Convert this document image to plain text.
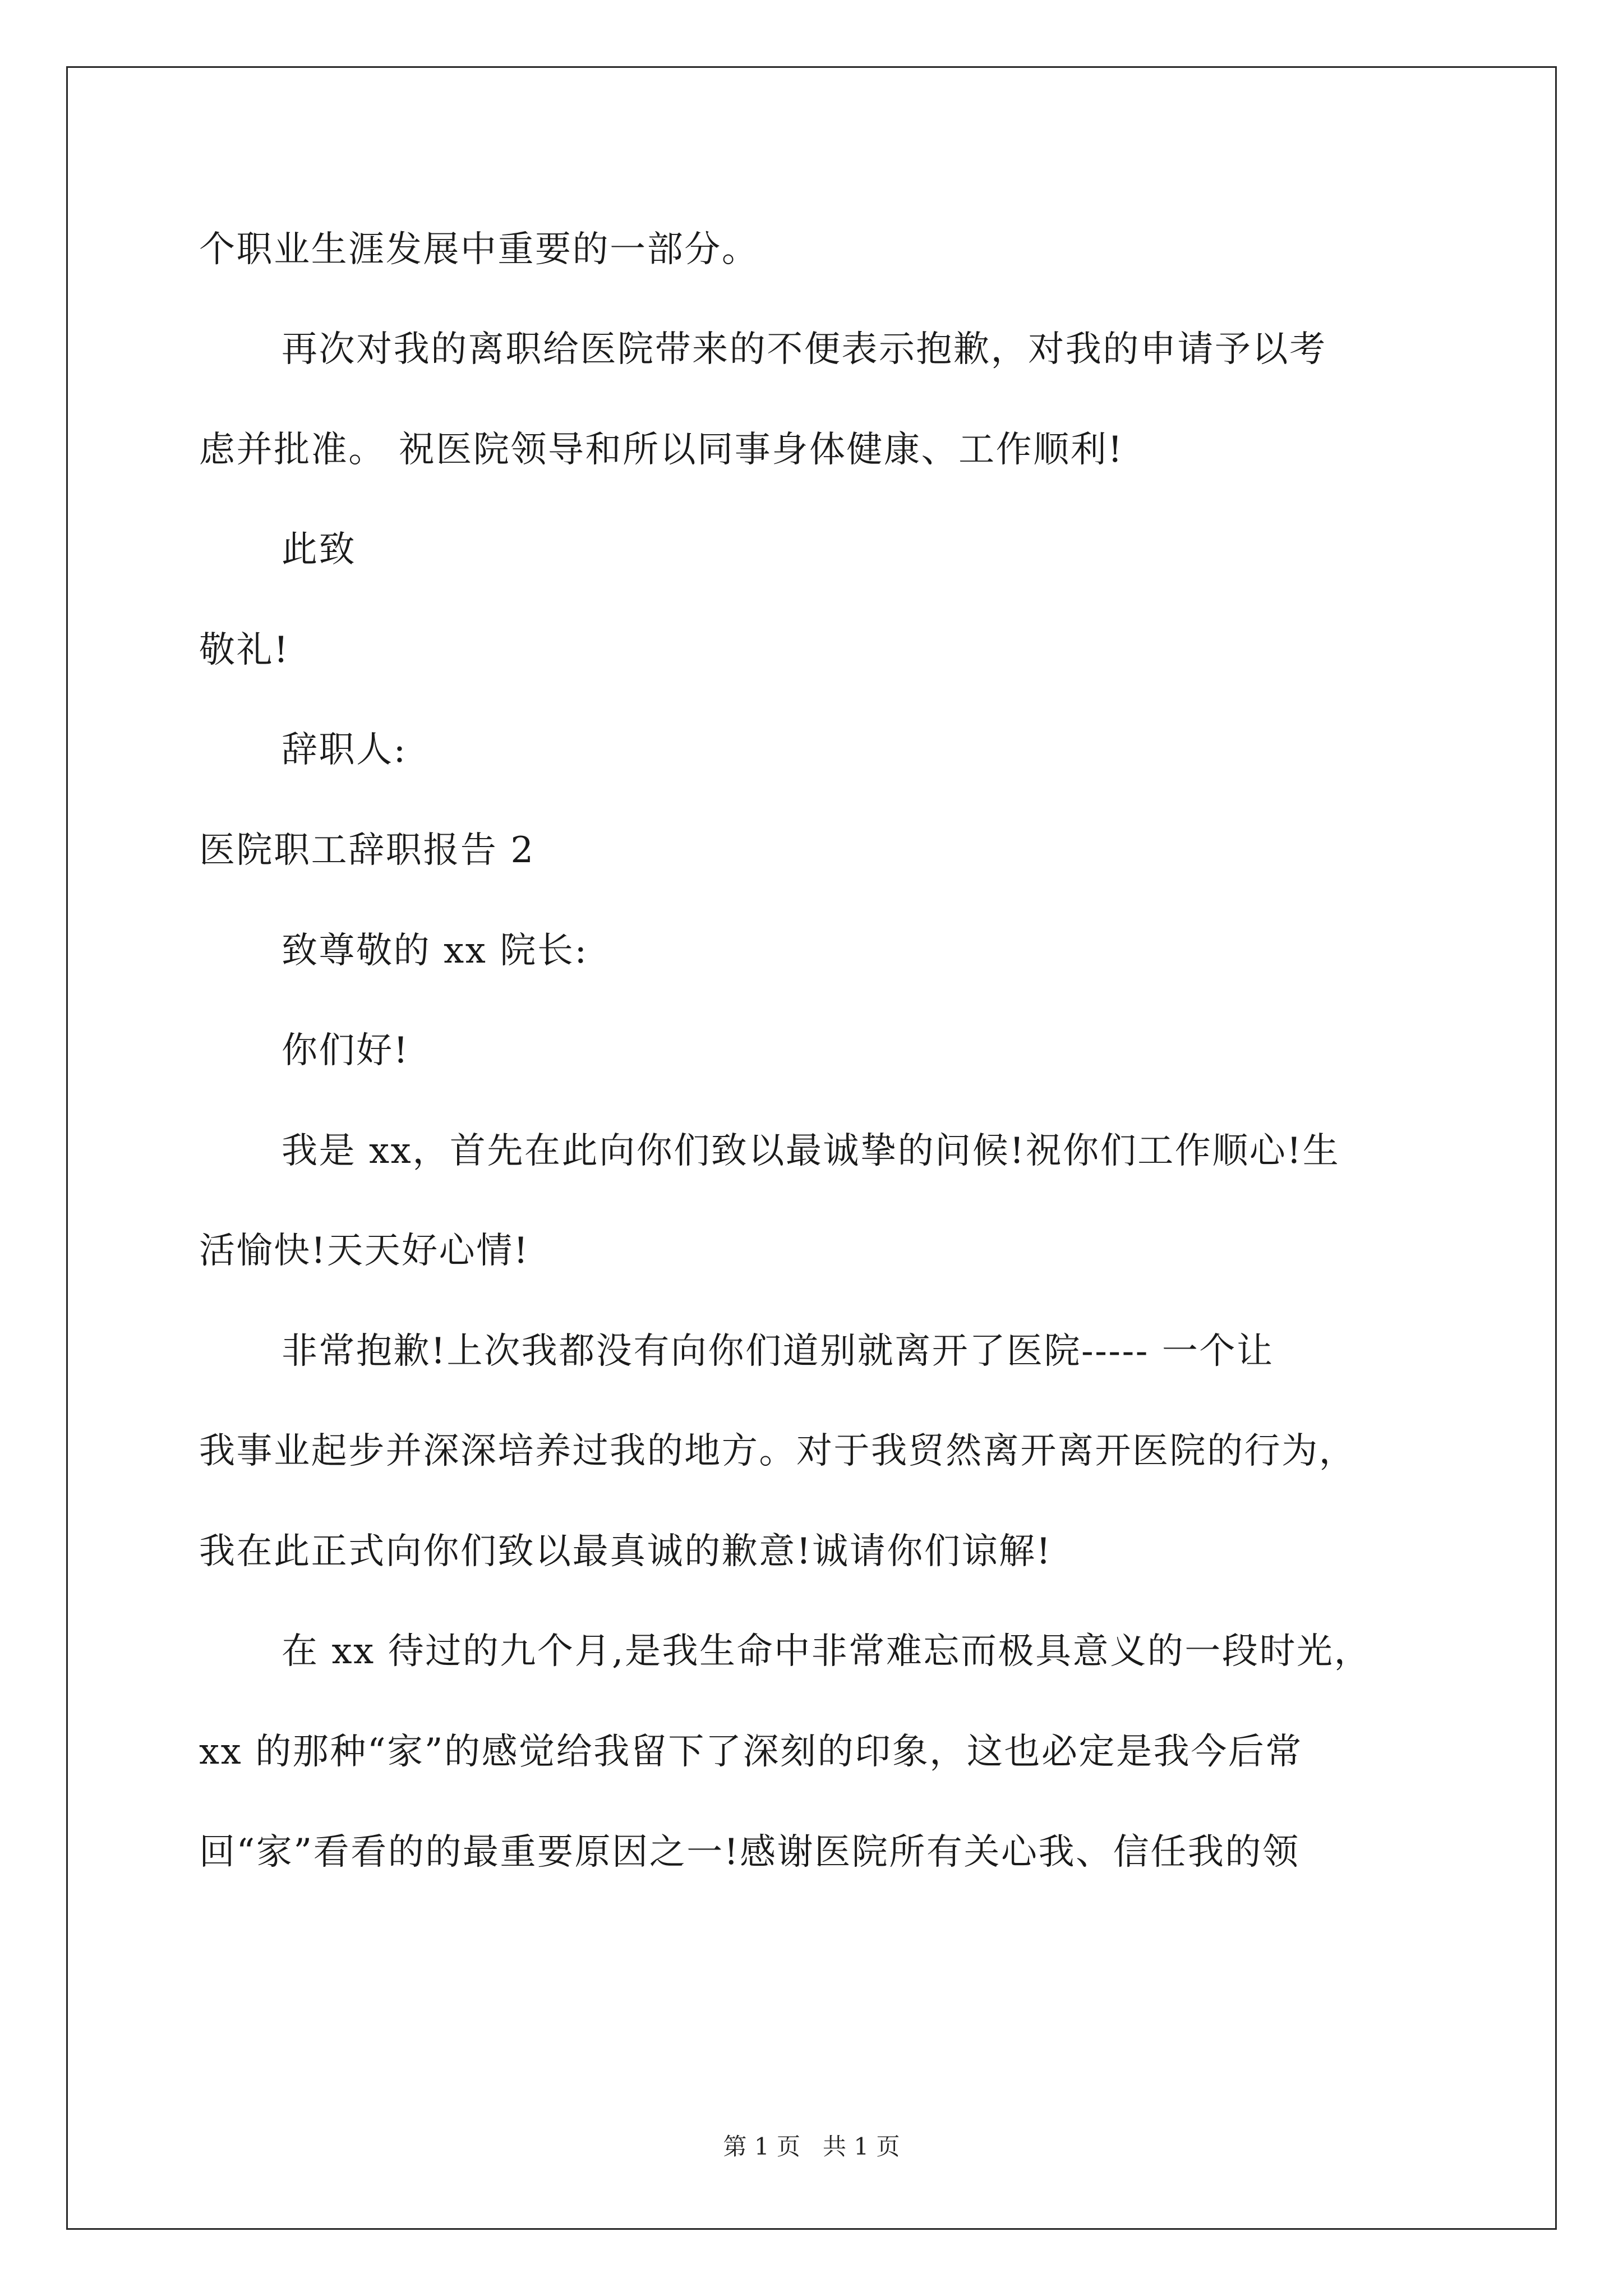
个职业生涯发展中重要的一部分。
再次对我的离职给医院带来的不便表示抱歉，对我的申请予以考
虑并批准。 祝医院领导和所以同事身体健康、工作顺利!
此致
敬礼!
辞职人:
医院职工辞职报告 2
致尊敬的 xx 院长:
你们好!
我是 xx，首先在此向你们致以最诚挚的问候!祝你们工作顺心!生
活愉快!天天好心情!
非常抱歉!上次我都没有向你们道别就离开了医院----- 一个让
我事业起步并深深培养过我的地方。对于我贸然离开离开医院的行为，
我在此正式向你们致以最真诚的歉意!诚请你们谅解!
在 xx 待过的九个月,是我生命中非常难忘而极具意义的一段时光，
xx 的那种“家”的感觉给我留下了深刻的印象，这也必定是我今后常
回“家”看看的的最重要原因之一!感谢医院所有关心我、信任我的领
第 1 页   共 1 页
